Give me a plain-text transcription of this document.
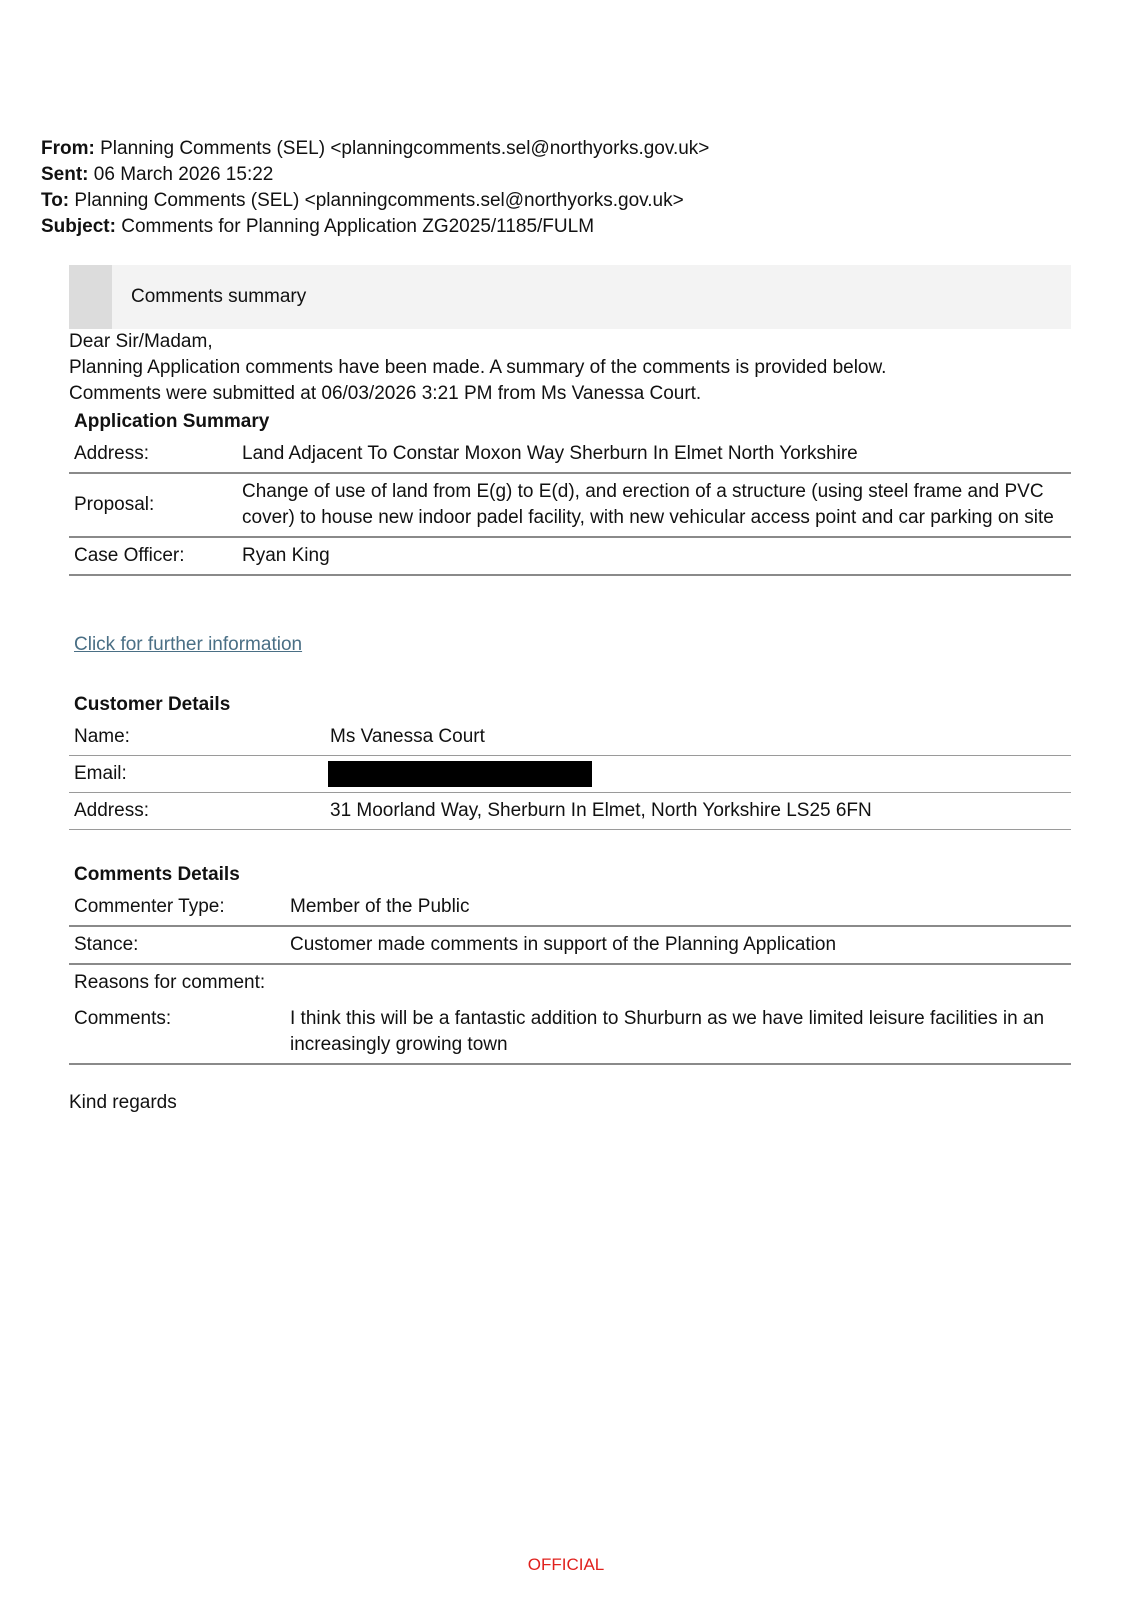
From: Planning Comments (SEL) <planningcomments.sel@northyorks.gov.uk>
Sent: 06 March 2026 15:22
To: Planning Comments (SEL) <planningcomments.sel@northyorks.gov.uk>
Subject: Comments for Planning Application ZG2025/1185/FULM
Comments summary
Dear Sir/Madam,
Planning Application comments have been made. A summary of the comments is provided below.
Comments were submitted at 06/03/2026 3:21 PM from Ms Vanessa Court.
Application Summary
Address:	Land Adjacent To Constar Moxon Way Sherburn In Elmet North Yorkshire
Proposal:	Change of use of land from E(g) to E(d), and erection of a structure (using steel frame and PVC cover) to house new indoor padel facility, with new vehicular access point and car parking on site
Case Officer:	Ryan King
Click for further information
Customer Details
Name:	Ms Vanessa Court
Email:	
Address:	31 Moorland Way, Sherburn In Elmet, North Yorkshire LS25 6FN
Comments Details
Commenter Type:	Member of the Public
Stance:	Customer made comments in support of the Planning Application
Reasons for comment:	
Comments:	I think this will be a fantastic addition to Shurburn as we have limited leisure facilities in an increasingly growing town
Kind regards
OFFICIAL
